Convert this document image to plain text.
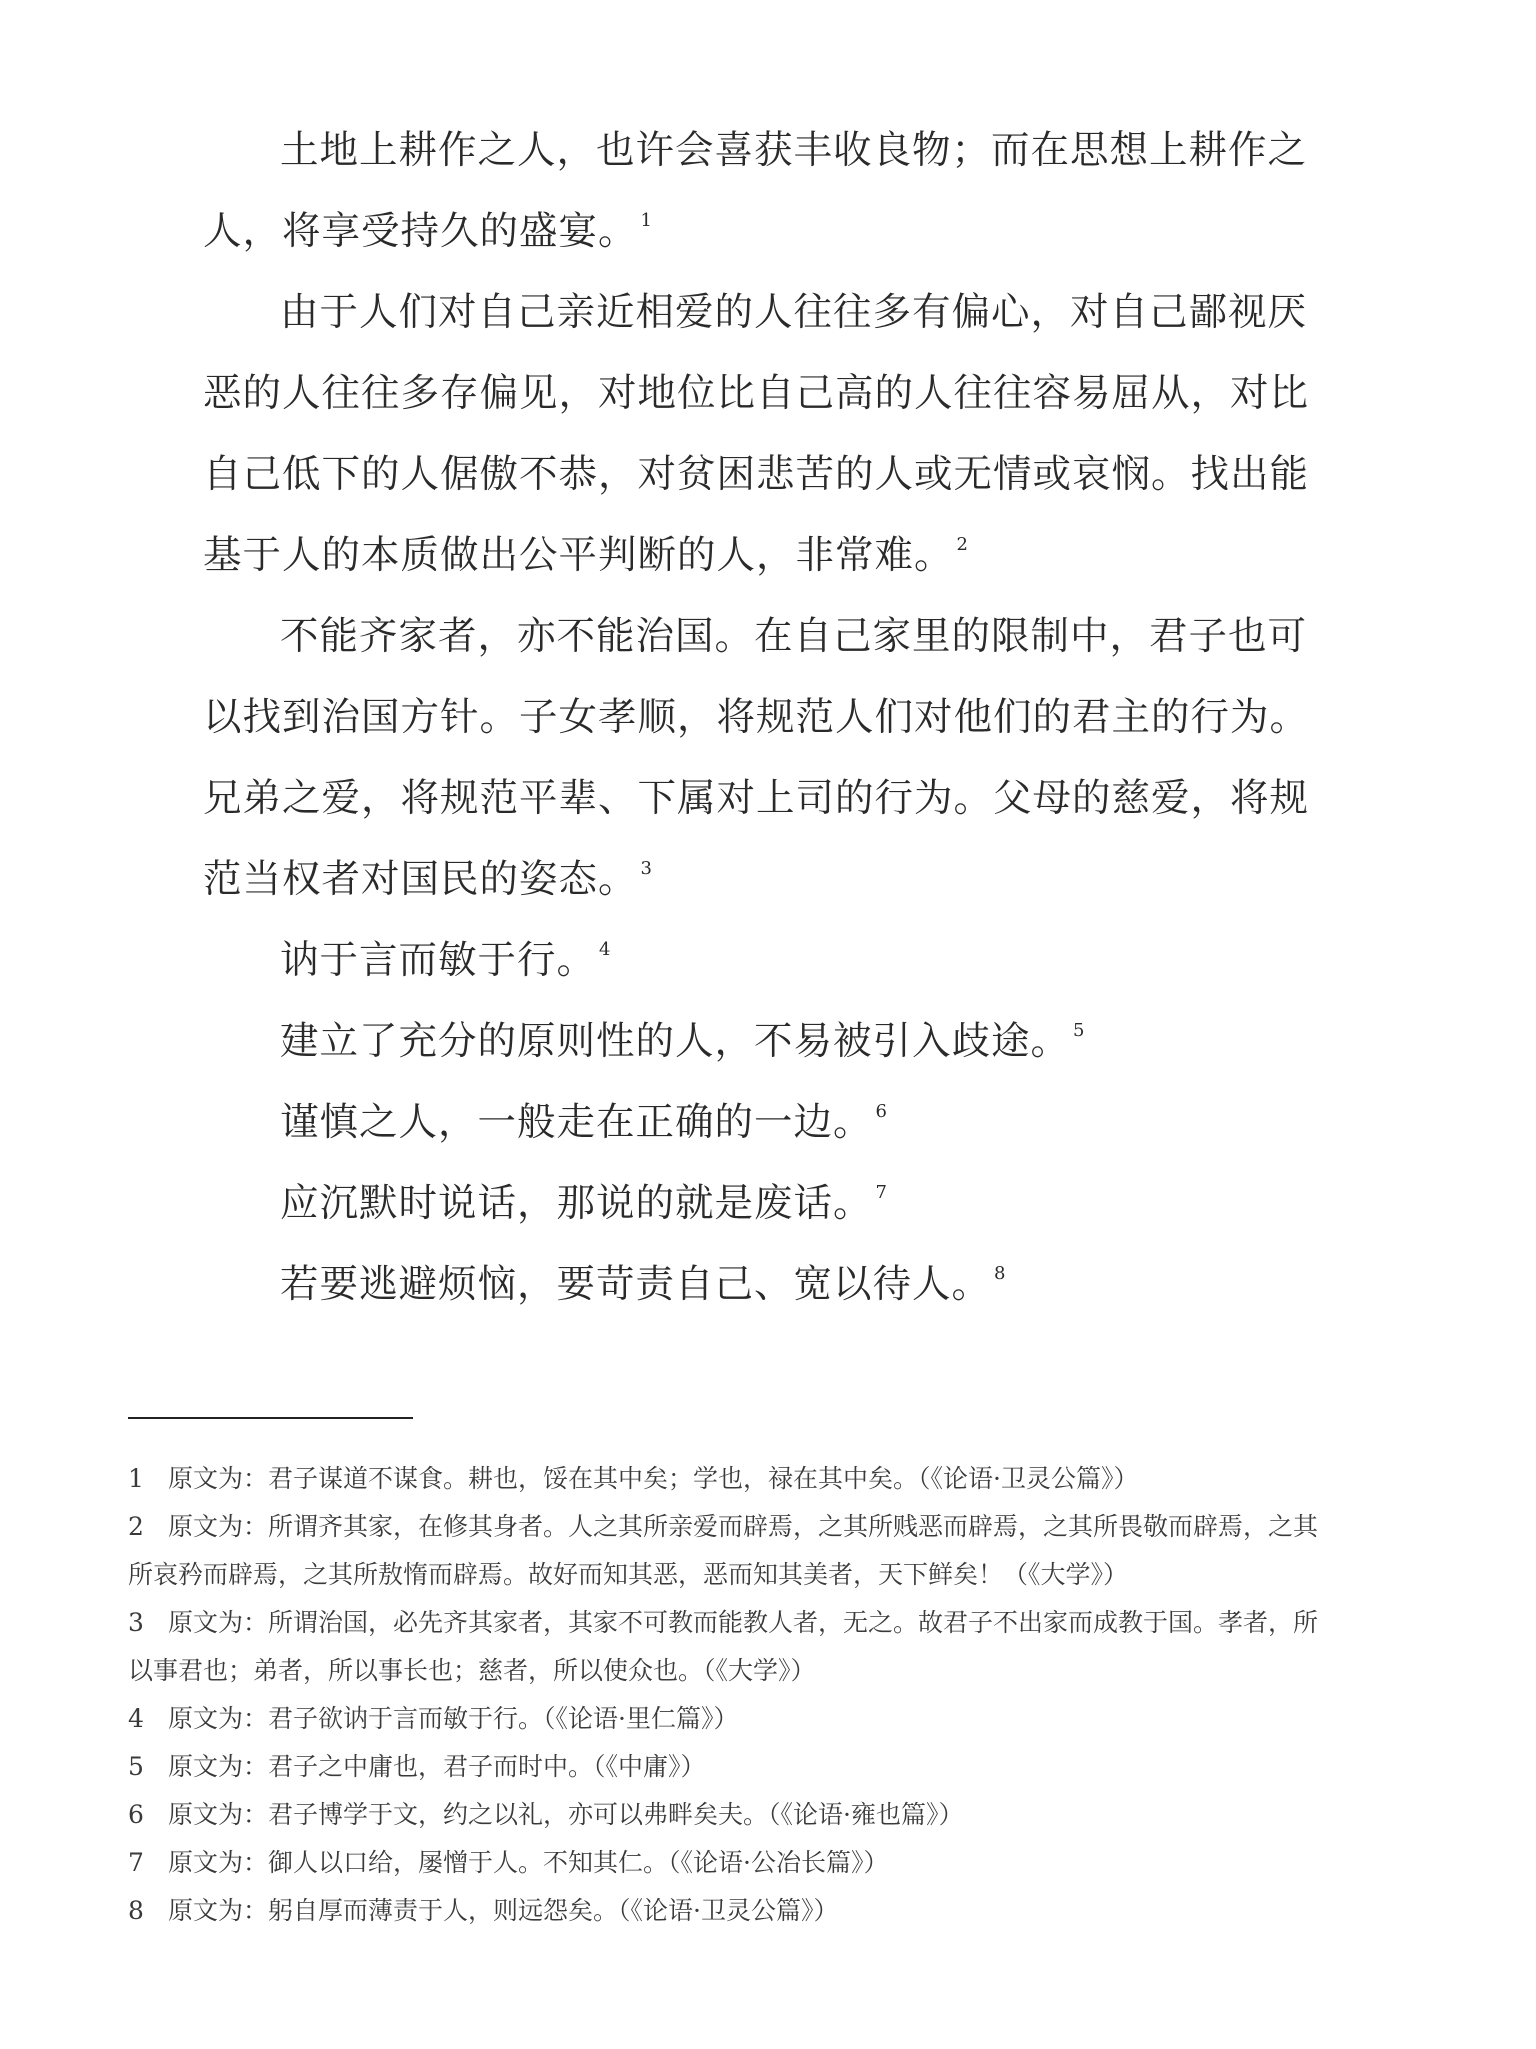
土地上耕作之人，也许会喜获丰收良物；而在思想上耕作之人，将享受持久的盛宴。 $^1$

由于人们对自己亲近相爱的人往往多有偏心，对自己鄙视厌恶的人往往多存偏见，对地位比自己高的人往往容易屈从，对比自己低下的人倨傲不恭，对贫困悲苦的人或无情或哀悯。找出能基于人的本质做出公平判断的人，非常难。 $^2$

不能齐家者，亦不能治国。在自己家里的限制中，君子也可以找到治国方针。子女孝顺，将规范人们对他们的君主的行为。兄弟之爱，将规范平辈、下属对上司的行为。父母的慈爱，将规范当权者对国民的姿态。 $^3$

讷于言而敏于行。 $^4$

建立了充分的原则性的人，不易被引入歧途。 $^5$

谨慎之人，一般走在正确的一边。 $^6$

应沉默时说话，那说的就是废话。 $^7$

若要逃避烦恼，要苛责自己、宽以待人。 $^8$

1 原文为：君子谋道不谋食。耕也，馁在其中矣；学也，禄在其中矣。（《论语·卫灵公篇》）

2 原文为：所谓齐其家，在修其身者。人之其所亲爱而辟焉，之其所贱恶而辟焉，之其所畏敬而辟焉，之其所哀矜而辟焉，之其所敖惰而辟焉。故好而知其恶，恶而知其美者，天下鲜矣！（《大学》）

3 原文为：所谓治国，必先齐其家者，其家不可教而能教人者，无之。故君子不出家而成教于国。孝者，所以事君也；弟者，所以事长也；慈者，所以使众也。（《大学》）

4 原文为：君子欲讷于言而敏于行。（《论语·里仁篇》）

5 原文为：君子之中庸也，君子而时中。（《中庸》）

6 原文为：君子博学于文，约之以礼，亦可以弗畔矣夫。（《论语·雍也篇》）

7 原文为：御人以口给，屡憎于人。不知其仁。（《论语·公冶长篇》）

8 原文为：躬自厚而薄责于人，则远怨矣。（《论语·卫灵公篇》）
